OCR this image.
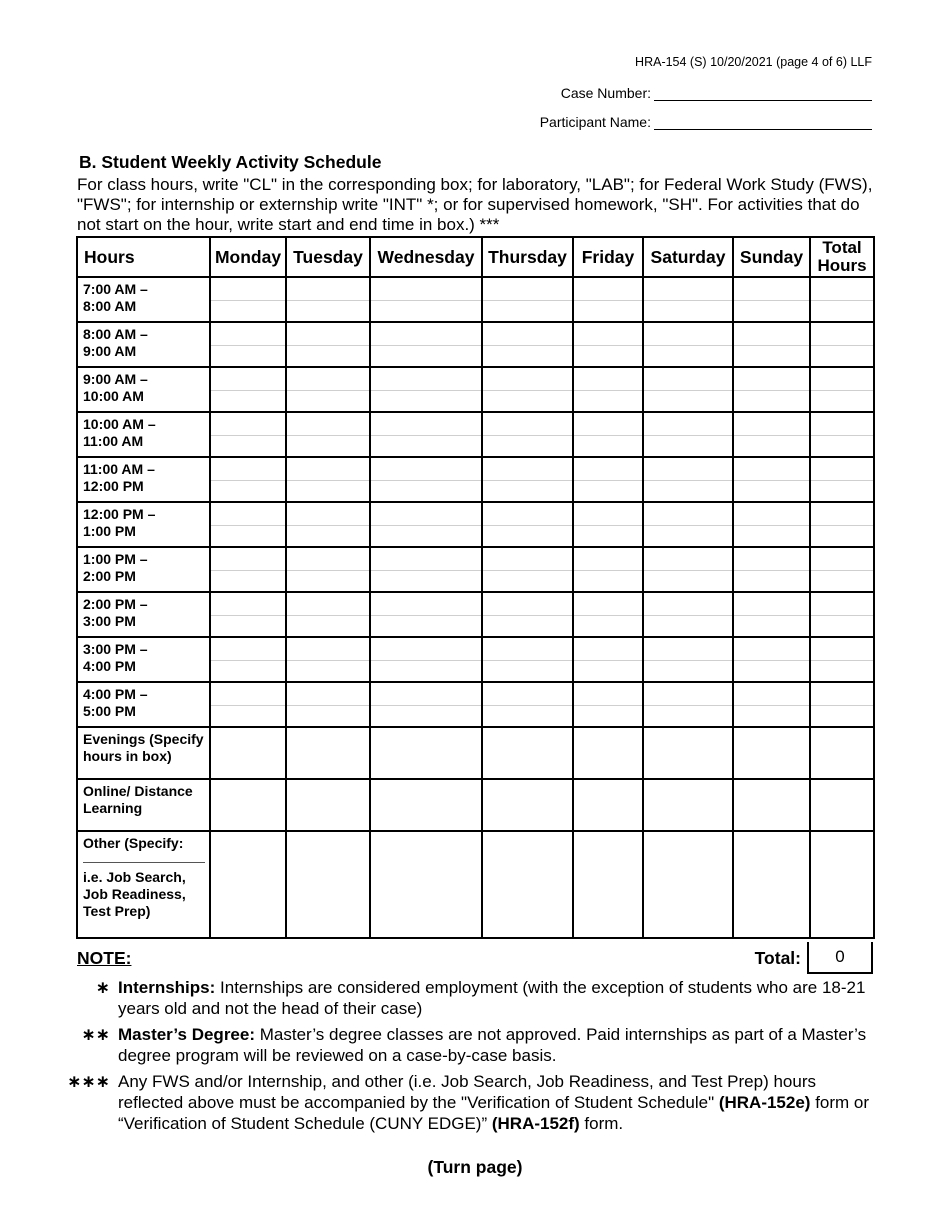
HRA-154 (S) 10/20/2021 (page 4 of 6) LLF
Case Number:
Participant Name:
B. Student Weekly Activity Schedule
For class hours, write "CL" in the corresponding box; for laboratory, "LAB"; for Federal Work Study (FWS), "FWS"; for internship or externship write "INT" *; or for supervised homework, "SH". For activities that do not start on the hour, write start and end time in box.) ***
Hours	Monday	Tuesday	Wednesday	Thursday	Friday	Saturday	Sunday	Total Hours

7:00 AM –
8:00 AM								

8:00 AM –
9:00 AM								

9:00 AM –
10:00 AM								

10:00 AM –
11:00 AM								

11:00 AM –
12:00 PM								

12:00 PM –
1:00 PM								

1:00 PM –
2:00 PM								

2:00 PM –
3:00 PM								

3:00 PM –
4:00 PM								

4:00 PM –
5:00 PM								

Evenings (Specify hours in box)								

Online/ Distance Learning								

Other (Specify:
i.e. Job Search, Job Readiness, Test Prep)								

NOTE:	Total:	0
∗ Internships: Internships are considered employment (with the exception of students who are 18-21 years old and not the head of their case)
∗∗ Master’s Degree: Master’s degree classes are not approved. Paid internships as part of a Master’s degree program will be reviewed on a case-by-case basis.
∗∗∗ Any FWS and/or Internship, and other (i.e. Job Search, Job Readiness, and Test Prep) hours reflected above must be accompanied by the "Verification of Student Schedule" (HRA-152e) form or “Verification of Student Schedule (CUNY EDGE)” (HRA-152f) form.
(Turn page)
